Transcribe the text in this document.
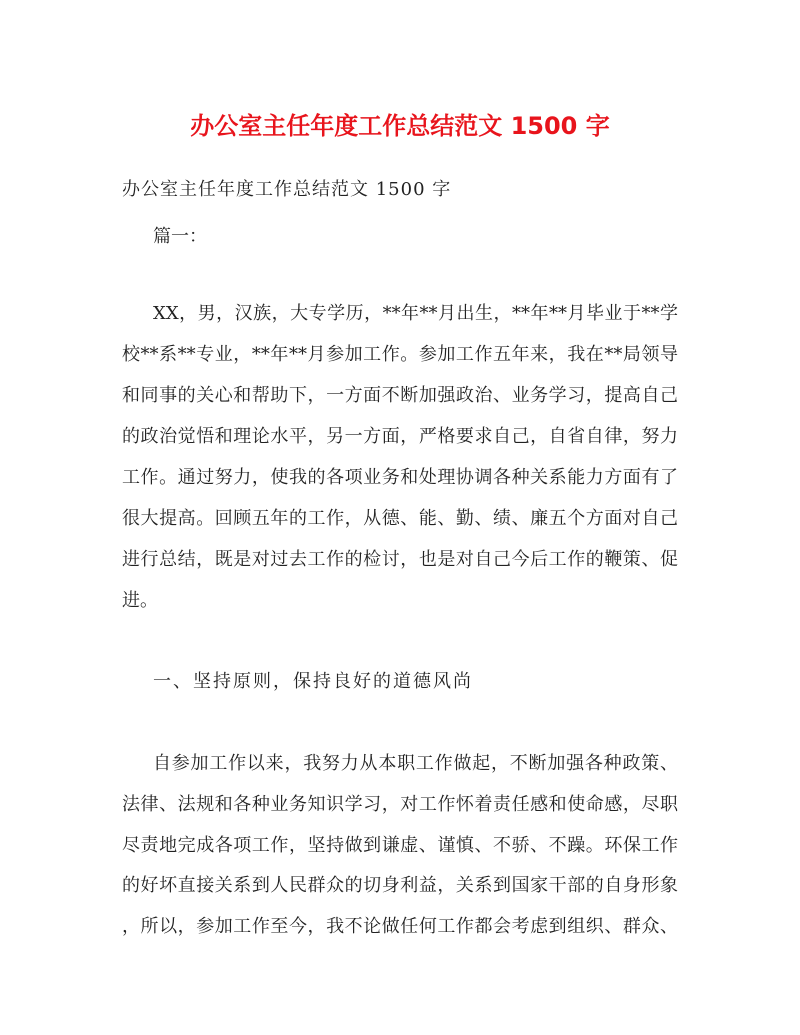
办公室主任年度工作总结范文 1500 字
办公室主任年度工作总结范文 1500 字
篇一：
XX，男，汉族，大专学历，**年**月出生，**年**月毕业于**学
校**系**专业，**年**月参加工作。参加工作五年来，我在**局领导
和同事的关心和帮助下，一方面不断加强政治、业务学习，提高自己
的政治觉悟和理论水平，另一方面，严格要求自己，自省自律，努力
工作。通过努力，使我的各项业务和处理协调各种关系能力方面有了
很大提高。回顾五年的工作，从德、能、勤、绩、廉五个方面对自己
进行总结，既是对过去工作的检讨，也是对自己今后工作的鞭策、促
进。
一、坚持原则，保持良好的道德风尚
自参加工作以来，我努力从本职工作做起，不断加强各种政策、
法律、法规和各种业务知识学习，对工作怀着责任感和使命感，尽职
尽责地完成各项工作，坚持做到谦虚、谨慎、不骄、不躁。环保工作
的好坏直接关系到人民群众的切身利益，关系到国家干部的自身形象
，所以，参加工作至今，我不论做任何工作都会考虑到组织、群众、
